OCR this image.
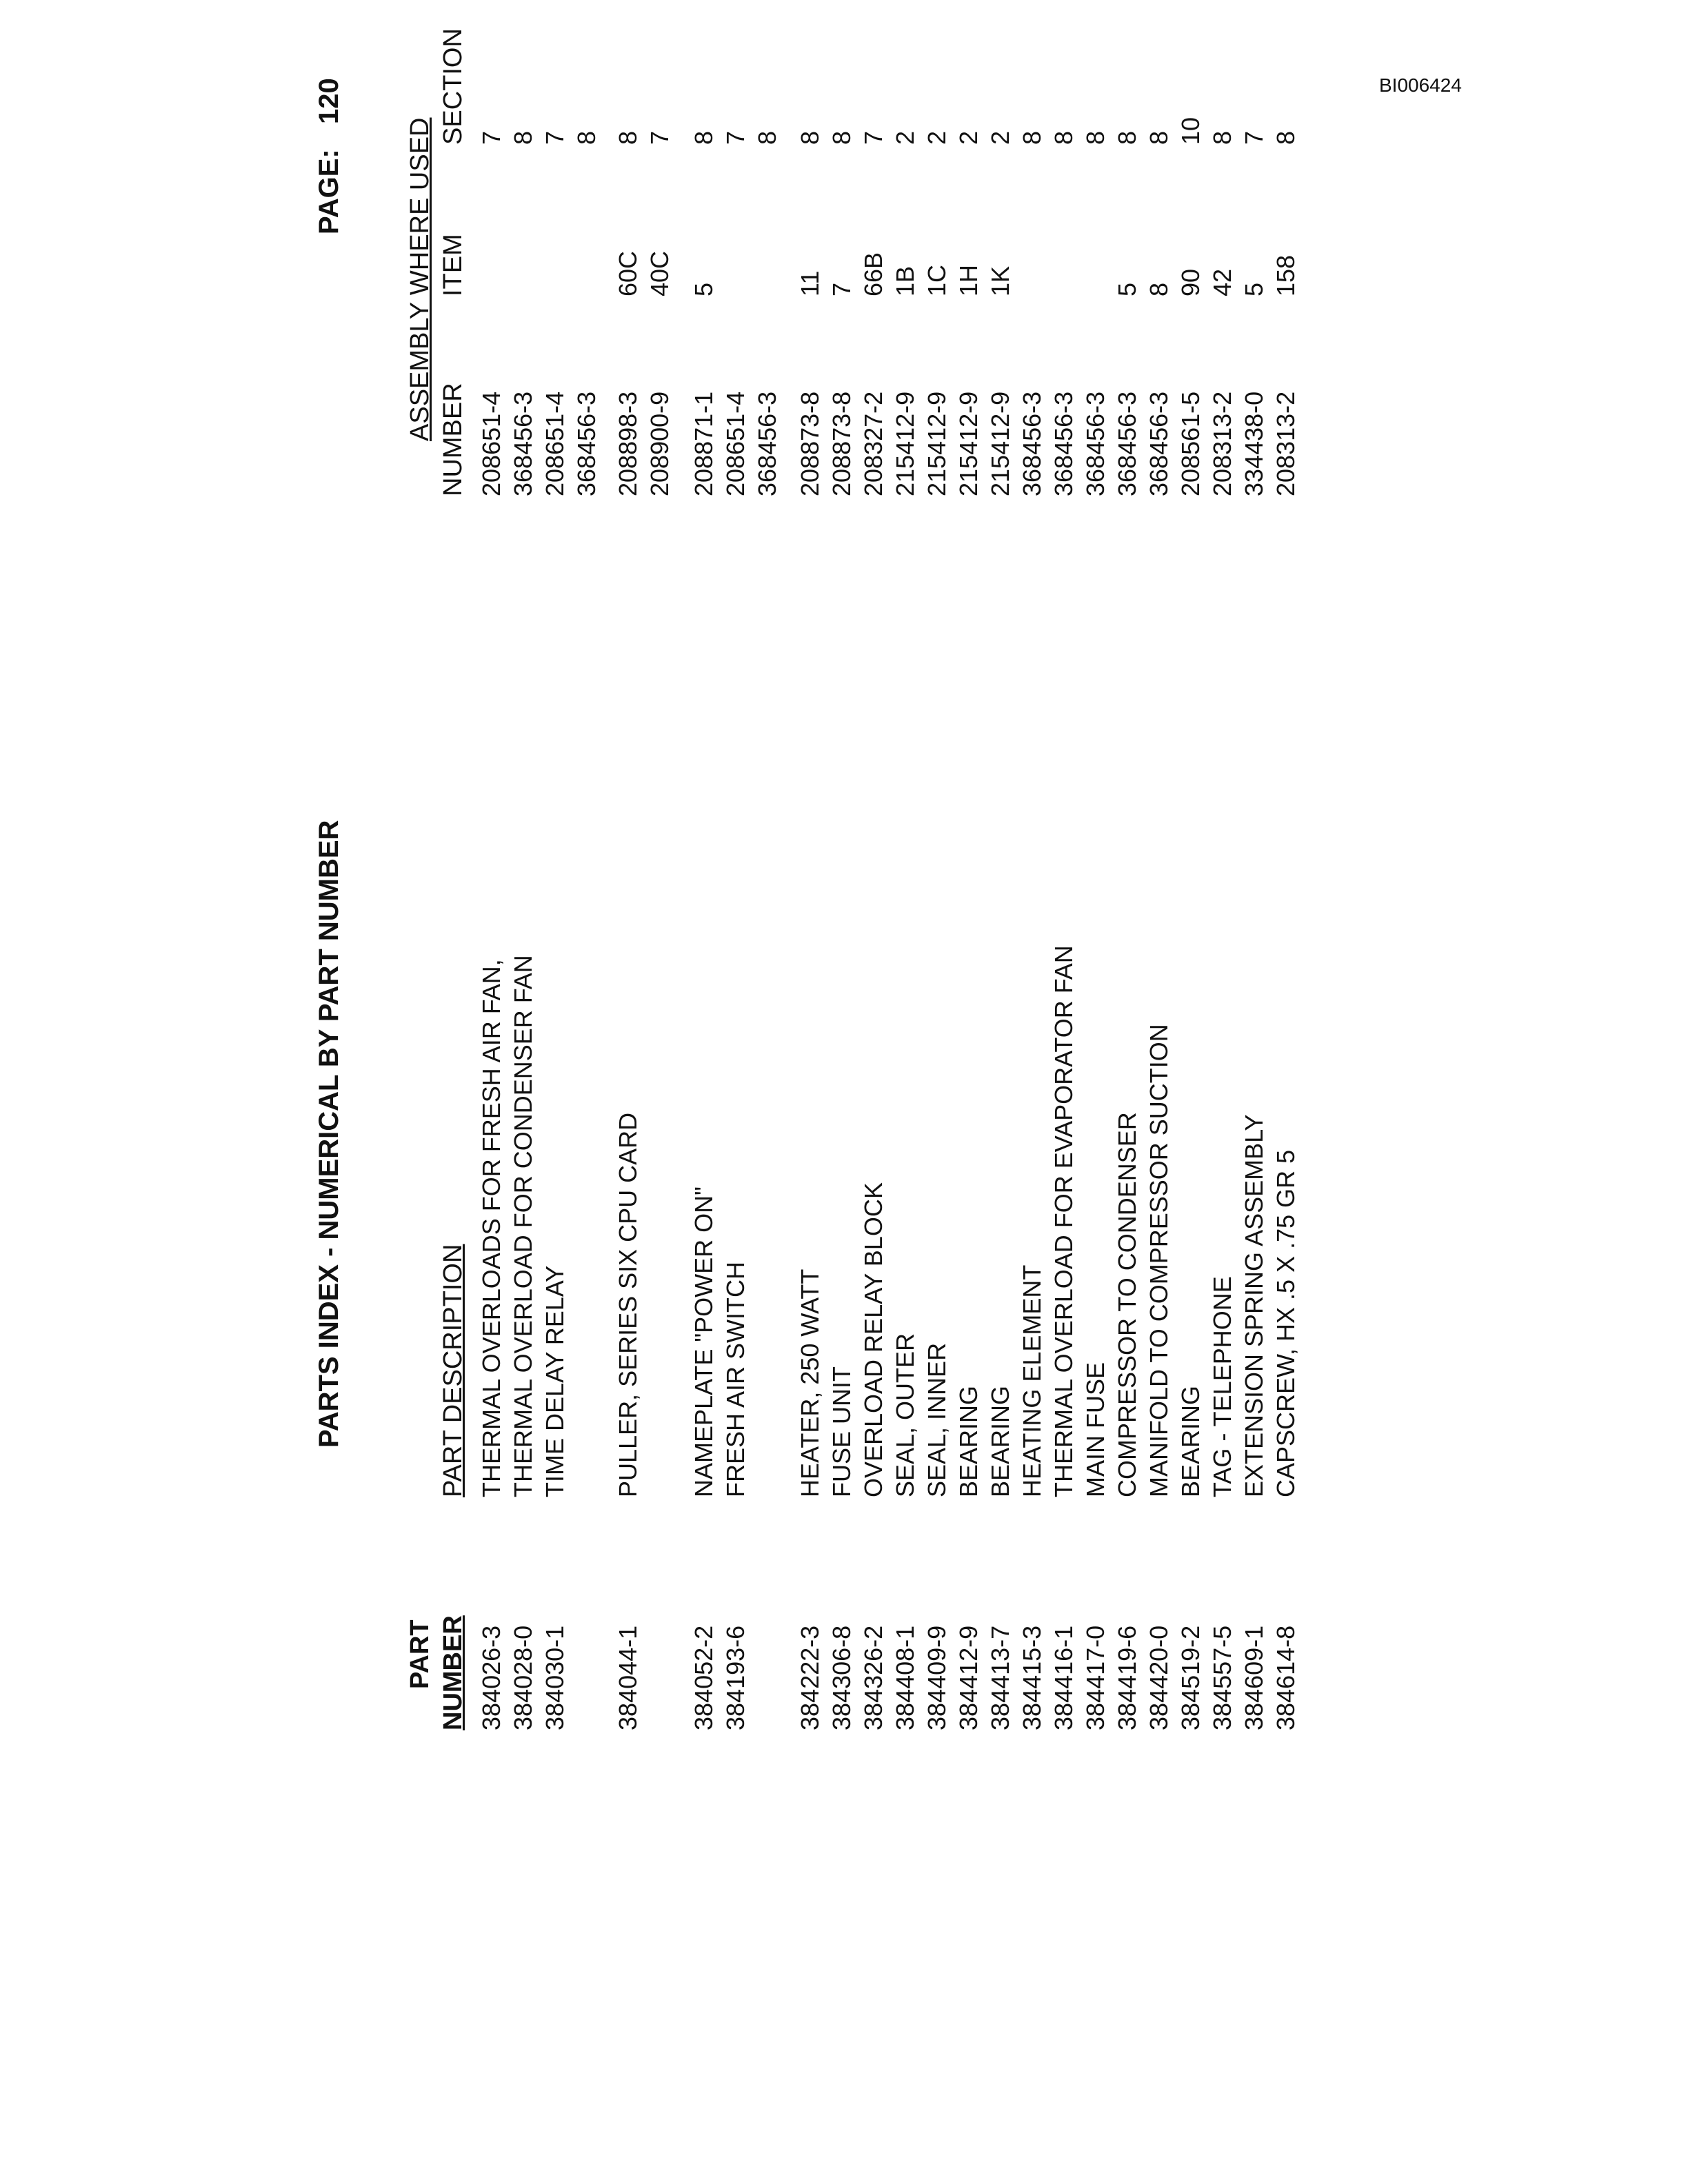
BI006424
PARTS INDEX - NUMERICAL BY PART NUMBER
PAGE:
120
PART NUMBER
PART DESCRIPTION
ASSEMBLY WHERE USED NUMBER
ITEM
SECTION
384026-3
THERMAL OVERLOADS FOR FRESH AIR FAN,
208651-4
7
384028-0
THERMAL OVERLOAD FOR CONDENSER FAN
368456-3
8
384030-1
TIME DELAY RELAY
208651-4
7
368456-3
8
384044-1
PULLER, SERIES SIX CPU CARD
208898-3
60C
8
208900-9
40C
7
384052-2
NAMEPLATE "POWER ON"
208871-1
5
8
384193-6
FRESH AIR SWITCH
208651-4
7
368456-3
8
384222-3
HEATER, 250 WATT
208873-8
11
8
384306-8
FUSE UNIT
208873-8
7
8
384326-2
OVERLOAD RELAY BLOCK
208327-2
66B
7
384408-1
SEAL, OUTER
215412-9
1B
2
384409-9
SEAL, INNER
215412-9
1C
2
384412-9
BEARING
215412-9
1H
2
384413-7
BEARING
215412-9
1K
2
384415-3
HEATING ELEMENT
368456-3
8
384416-1
THERMAL OVERLOAD FOR EVAPORATOR FAN
368456-3
8
384417-0
MAIN FUSE
368456-3
8
384419-6
COMPRESSOR TO CONDENSER
368456-3
5
8
384420-0
MANIFOLD TO COMPRESSOR SUCTION
368456-3
8
8
384519-2
BEARING
208561-5
90
10
384557-5
TAG - TELEPHONE
208313-2
42
8
384609-1
EXTENSION SPRING ASSEMBLY
334438-0
5
7
384614-8
CAPSCREW, HX .5 X .75 GR 5
208313-2
158
8
